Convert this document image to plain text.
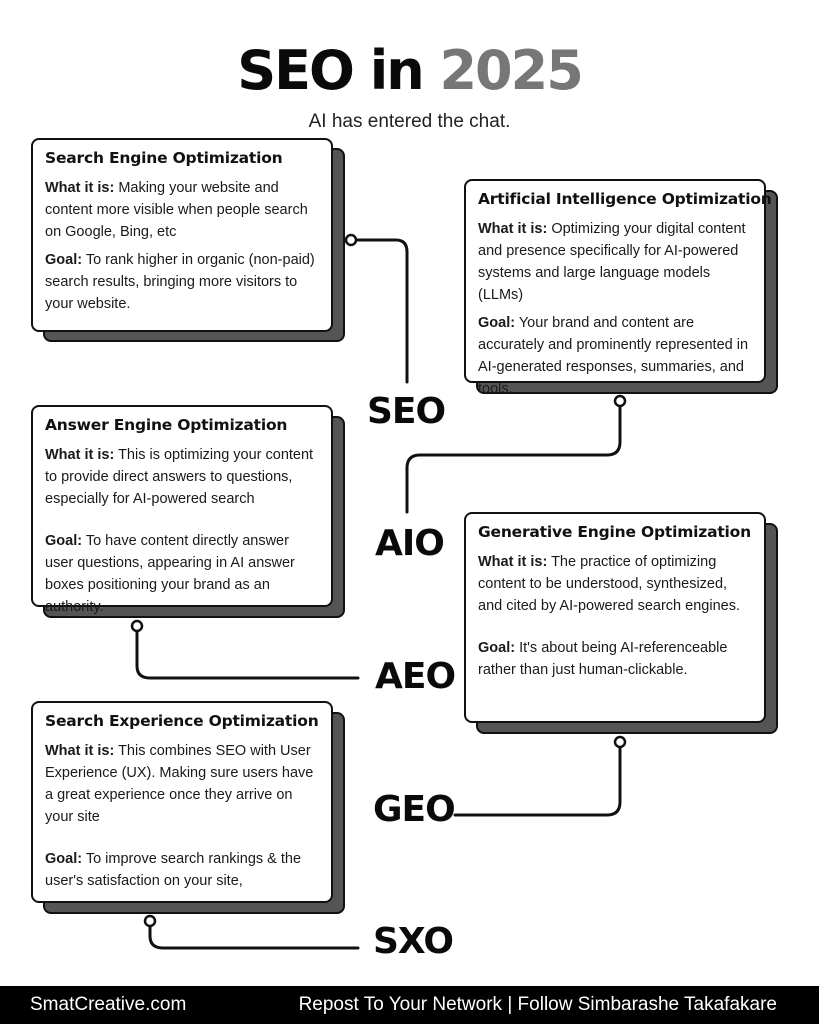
SEO in 2025
AI has entered the chat.
Search Engine Optimization

What it is: Making your website and content more visible when people search on Google, Bing, etc

Goal: To rank higher in organic (non-paid) search results, bringing more visitors to your website.

Artificial Intelligence Optimization

What it is: Optimizing your digital content and presence specifically for AI-powered systems and large language models (LLMs)

Goal: Your brand and content are accurately and prominently represented in AI-generated responses, summaries, and tools.

Answer Engine Optimization

What it is: This is optimizing your content to provide direct answers to questions, especially for AI-powered search

Goal: To have content directly answer user questions, appearing in AI answer boxes positioning your brand as an authority.

Generative Engine Optimization

What it is: The practice of optimizing content to be understood, synthesized, and cited by AI-powered search engines.

Goal: It's about being AI-referenceable rather than just human-clickable.

Search Experience Optimization

What it is: This combines SEO with User Experience (UX). Making sure users have a great experience once they arrive on your site

Goal: To improve search rankings & the user's satisfaction on your site,

SEO
AIO
AEO
GEO
SXO
SmatCreative.com	Repost To Your Network | Follow Simbarashe Takafakare
